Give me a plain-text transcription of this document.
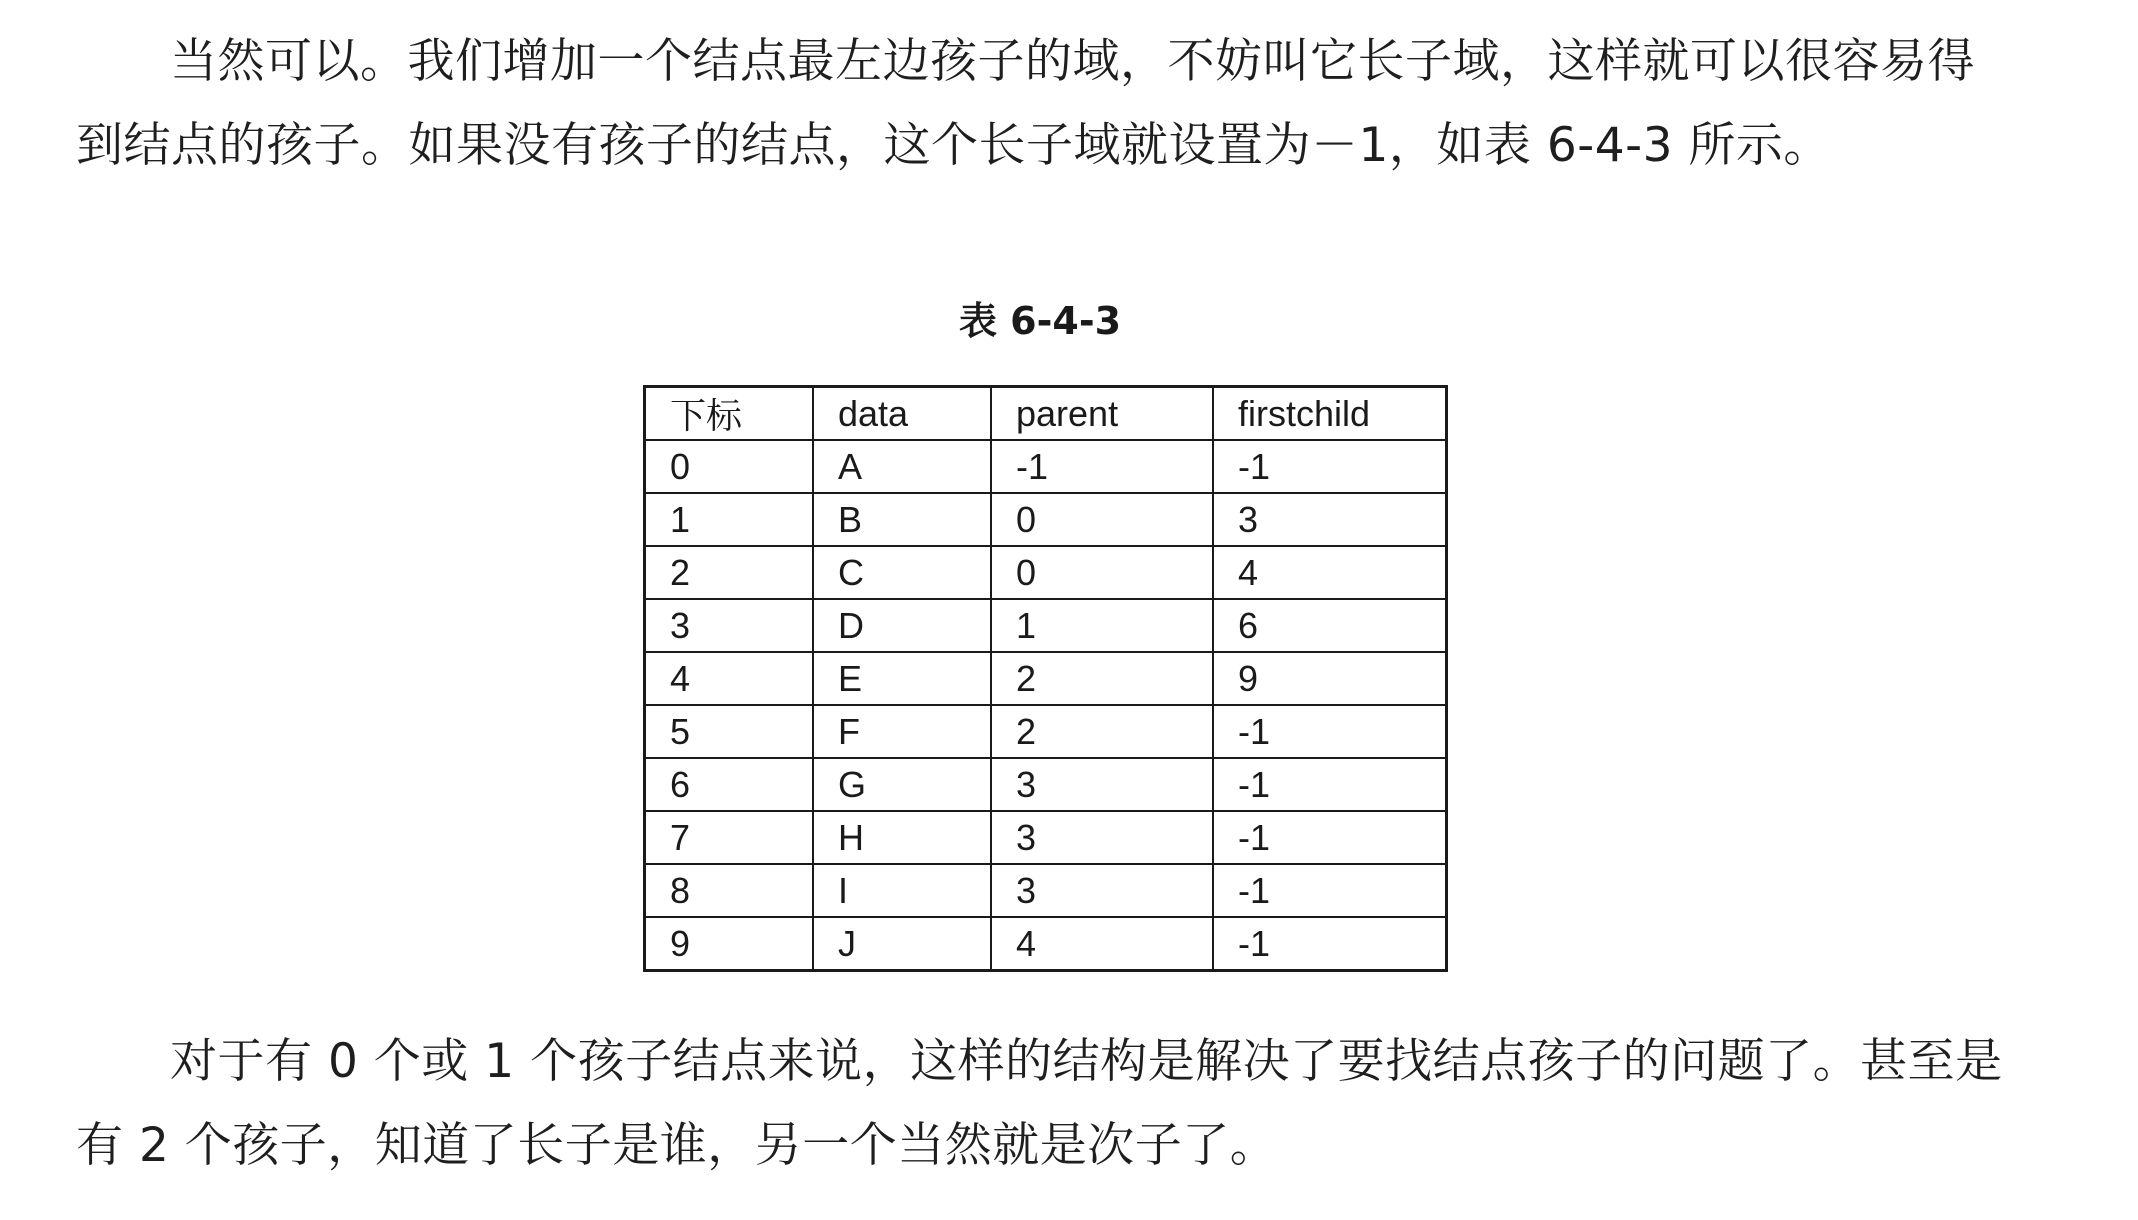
当然可以。我们增加一个结点最左边孩子的域，不妨叫它长子域，这样就可以很容易得到结点的孩子。如果没有孩子的结点，这个长子域就设置为－1，如表 6-4-3 所示。

表 6-4-3

下标	data	parent	firstchild
0	A	-1	-1
1	B	0	3
2	C	0	4
3	D	1	6
4	E	2	9
5	F	2	-1
6	G	3	-1
7	H	3	-1
8	I	3	-1
9	J	4	-1

对于有 0 个或 1 个孩子结点来说，这样的结构是解决了要找结点孩子的问题了。甚至是有 2 个孩子，知道了长子是谁，另一个当然就是次子了。
